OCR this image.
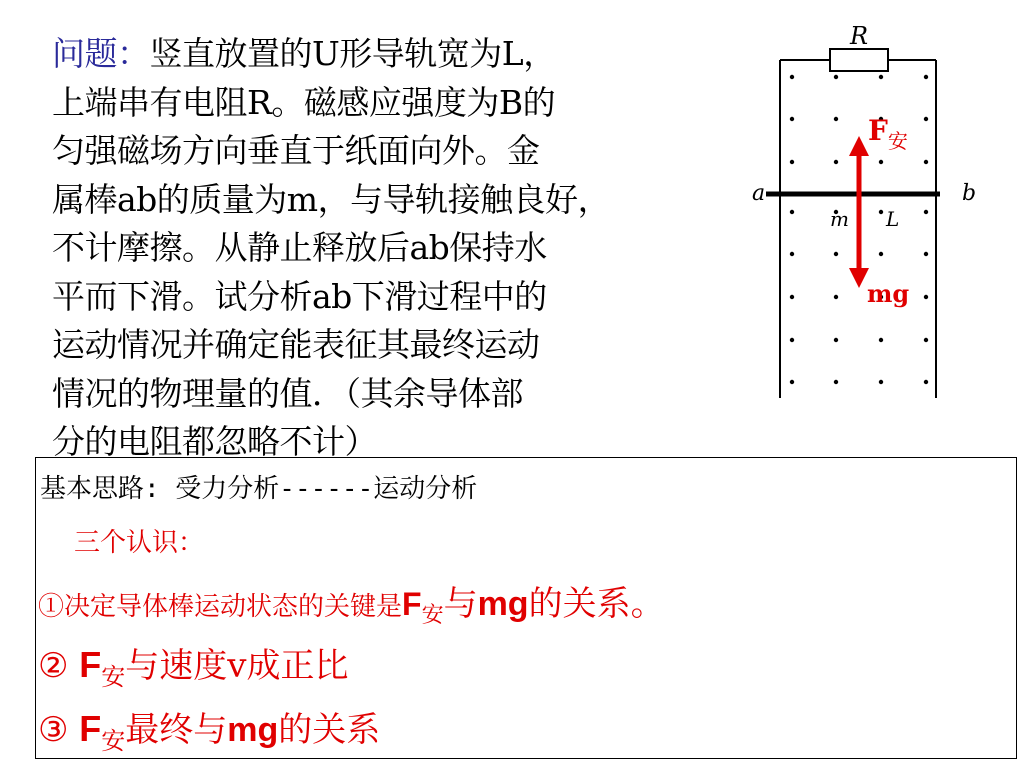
问题：竖直放置的U形导轨宽为L，
上端串有电阻R。磁感应强度为B的
匀强磁场方向垂直于纸面向外。金
属棒ab的质量为m，与导轨接触良好，
不计摩擦。从静止释放后ab保持水
平而下滑。试分析ab下滑过程中的
运动情况并确定能表征其最终运动
情况的物理量的值．（其余导体部
分的电阻都忽略不计）
R
a	b
m L
$F_安$
mg
基本思路: 受力分析------运动分析
三个认识：
①决定导体棒运动状态的关键是$F_安$与mg的关系。
② $F_安$与速度v成正比
③ $F_安$最终与mg的关系
